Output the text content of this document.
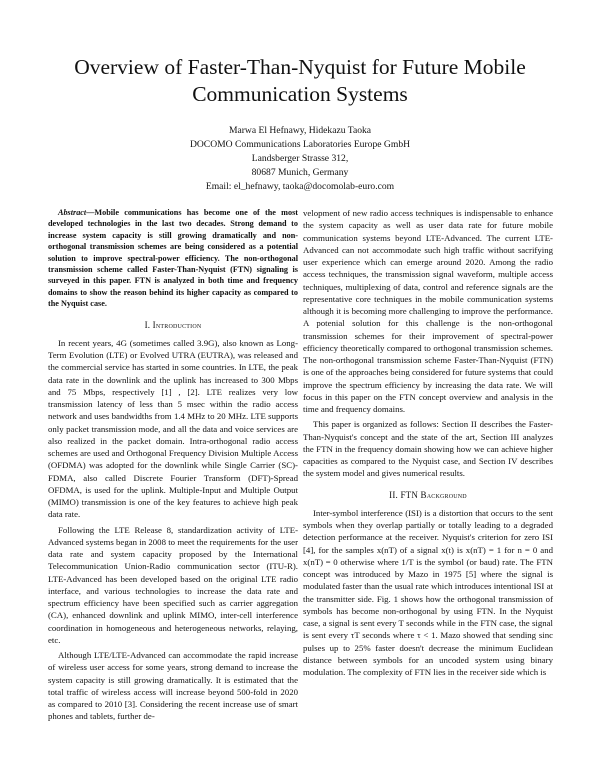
Overview of Faster-Than-Nyquist for Future Mobile Communication Systems
Marwa El Hefnawy, Hidekazu Taoka
DOCOMO Communications Laboratories Europe GmbH
Landsberger Strasse 312,
80687 Munich, Germany
Email: el_hefnawy, taoka@docomolab-euro.com

Abstract—Mobile communications has become one of the most developed technologies in the last two decades. Strong demand to increase system capacity is still growing dramatically and non-orthogonal transmission schemes are being considered as a potential solution to improve spectral-power efficiency. The non-orthogonal transmission scheme called Faster-Than-Nyquist (FTN) signaling is surveyed in this paper. FTN is analyzed in both time and frequency domains to show the reason behind its higher capacity as compared to the Nyquist case.

I. Introduction

In recent years, 4G (sometimes called 3.9G), also known as Long-Term Evolution (LTE) or Evolved UTRA (EUTRA), was released and the commercial service has started in some countries. In LTE, the peak data rate in the downlink and the uplink has increased to 300 Mbps and 75 Mbps, respectively [1] , [2]. LTE realizes very low transmission latency of less than 5 msec within the radio access network and uses bandwidths from 1.4 MHz to 20 MHz. LTE supports only packet transmission mode, and all the data and voice services are also realized in the packet domain. Intra-orthogonal radio access schemes are used and Orthogonal Frequency Division Multiple Access (OFDMA) was adopted for the downlink while Single Carrier (SC)-FDMA, also called Discrete Fourier Transform (DFT)-Spread OFDMA, is used for the uplink. Multiple-Input and Multiple Output (MIMO) transmission is one of the key features to achieve high peak data rate.

Following the LTE Release 8, standardization activity of LTE-Advanced systems began in 2008 to meet the requirements for the user data rate and system capacity proposed by the International Telecommunication Union-Radio communication sector (ITU-R). LTE-Advanced has been developed based on the original LTE radio interface, and various technologies to increase the data rate and spectrum efficiency have been specified such as carrier aggregation (CA), enhanced downlink and uplink MIMO, inter-cell interference coordination in homogeneous and heterogeneous networks, relaying, etc.

Although LTE/LTE-Advanced can accommodate the rapid increase of wireless user access for some years, strong demand to increase the system capacity is still growing dramatically. It is estimated that the total traffic of wireless access will increase beyond 500-fold in 2020 as compared to 2010 [3]. Considering the recent increase use of smart phones and tablets, further de-

velopment of new radio access techniques is indispensable to enhance the system capacity as well as user data rate for future mobile communication systems beyond LTE-Advanced. The current LTE-Advanced can not accommodate such high traffic without sacrifying user experience which can emerge around 2020. Among the radio access techniques, the transmission signal waveform, multiple access techniques, multiplexing of data, control and reference signals are the representative core techniques in the mobile communication systems although it is becoming more challenging to improve the performance. A potenial solution for this challenge is the non-orthogonal transmission schemes for their improvement of spectral-power efficiency theoretically compared to orthogonal transmission schemes. The non-orthogonal transmission scheme Faster-Than-Nyquist (FTN) is one of the approaches being considered for future systems that could improve the spectrum efficiency by increasing the data rate. We will focus in this paper on the FTN concept overview and analysis in the time and frequency domains.

This paper is organized as follows: Section II describes the Faster-Than-Nyquist's concept and the state of the art, Section III analyzes the FTN in the frequency domain showing how we can achieve higher capacities as compared to the Nyquist case, and Section IV describes the system model and gives numerical results.

II. FTN Background

Inter-symbol interference (ISI) is a distortion that occurs to the sent symbols when they overlap partially or totally leading to a degraded detection performance at the receiver. Nyquist's criterion for zero ISI [4], for the samples x(nT) of a signal x(t) is x(nT) = 1 for n = 0 and x(nT) = 0 otherwise where 1/T is the symbol (or baud) rate. The FTN concept was introduced by Mazo in 1975 [5] where the signal is modulated faster than the usual rate which introduces intentional ISI at the transmitter side. Fig. 1 shows how the orthogonal transmission of symbols has become non-orthogonal by using FTN. In the Nyquist case, a signal is sent every T seconds while in the FTN case, the signal is sent every τT seconds where τ < 1. Mazo showed that sending sinc pulses up to 25% faster doesn't decrease the minimum Euclidean distance between symbols for an uncoded system using binary modulation. The complexity of FTN lies in the receiver side which is
